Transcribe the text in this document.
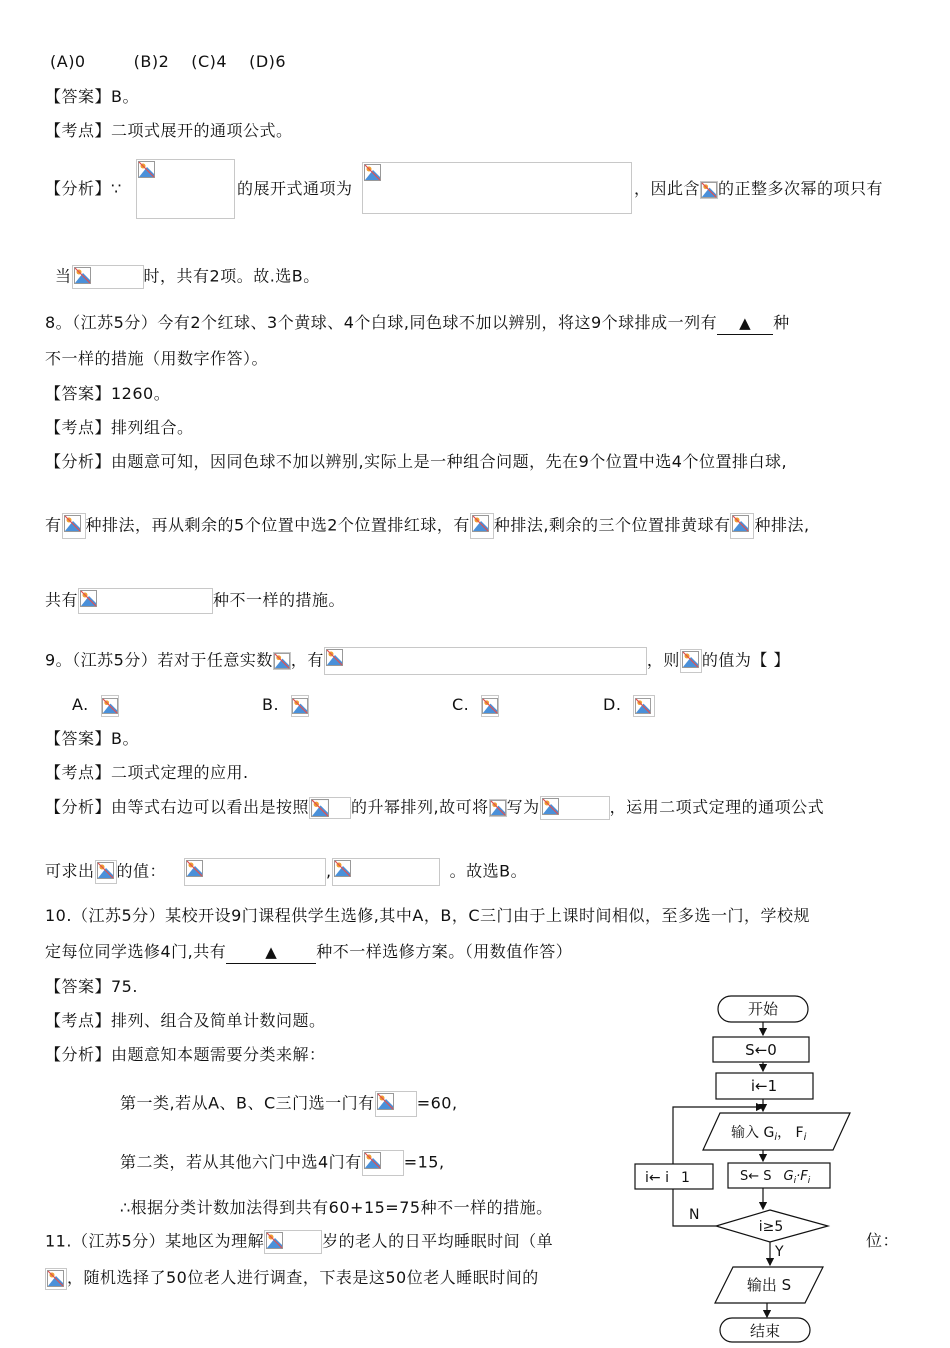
(A)0	(B)2 (C)4 (D)6
【答案】B。
【考点】二项式展开的通项公式。
【分析】∵	的展开式通项为	，因此含 的正整多次幂的项只有
当	时，共有2项。故.选B。
8。（江苏5分）今有2个红球、3个黄球、4个白球,同色球不加以辨别，将这9个球排成一列有 ▲ 种
不一样的措施（用数字作答）。
【答案】1260。
【考点】排列组合。
【分析】由题意可知，因同色球不加以辨别,实际上是一种组合问题，先在9个位置中选4个位置排白球,
有 种排法，再从剩余的5个位置中选2个位置排红球，有 种排法,剩余的三个位置排黄球有 种排法,
共有	种不一样的措施。
9。（江苏5分）若对于任意实数 ，有	，则 的值为【 】
A.	B.	C.	D.
【答案】B。
【考点】二项式定理的应用.
【分析】由等式右边可以看出是按照	的升幂排列,故可将 写为	，运用二项式定理的通项公式
可求出 的值：	,	。故选B。
10.（江苏5分）某校开设9门课程供学生选修,其中A，B，C三门由于上课时间相似，至多选一门，学校规
定每位同学选修4门,共有	▲ 种不一样选修方案。（用数值作答）
【答案】75.
【考点】排列、组合及简单计数问题。
【分析】由题意知本题需要分类来解：
第一类,若从A、B、C三门选一门有	=60,
第二类，若从其他六门中选4门有	=15,
∴根据分类计数加法得到共有60+15=75种不一样的措施。
11.（江苏5分）某地区为理解	岁的老人的日平均睡眠时间（单	位：
，随机选择了50位老人进行调查，下表是这50位老人睡眠时间的
开始
S←0
i←1
输入 $G_i$， $F_i$
S← S $G_i\cdot F_i$
i← i 1
i≥5
N
Y
输出 S
结束
